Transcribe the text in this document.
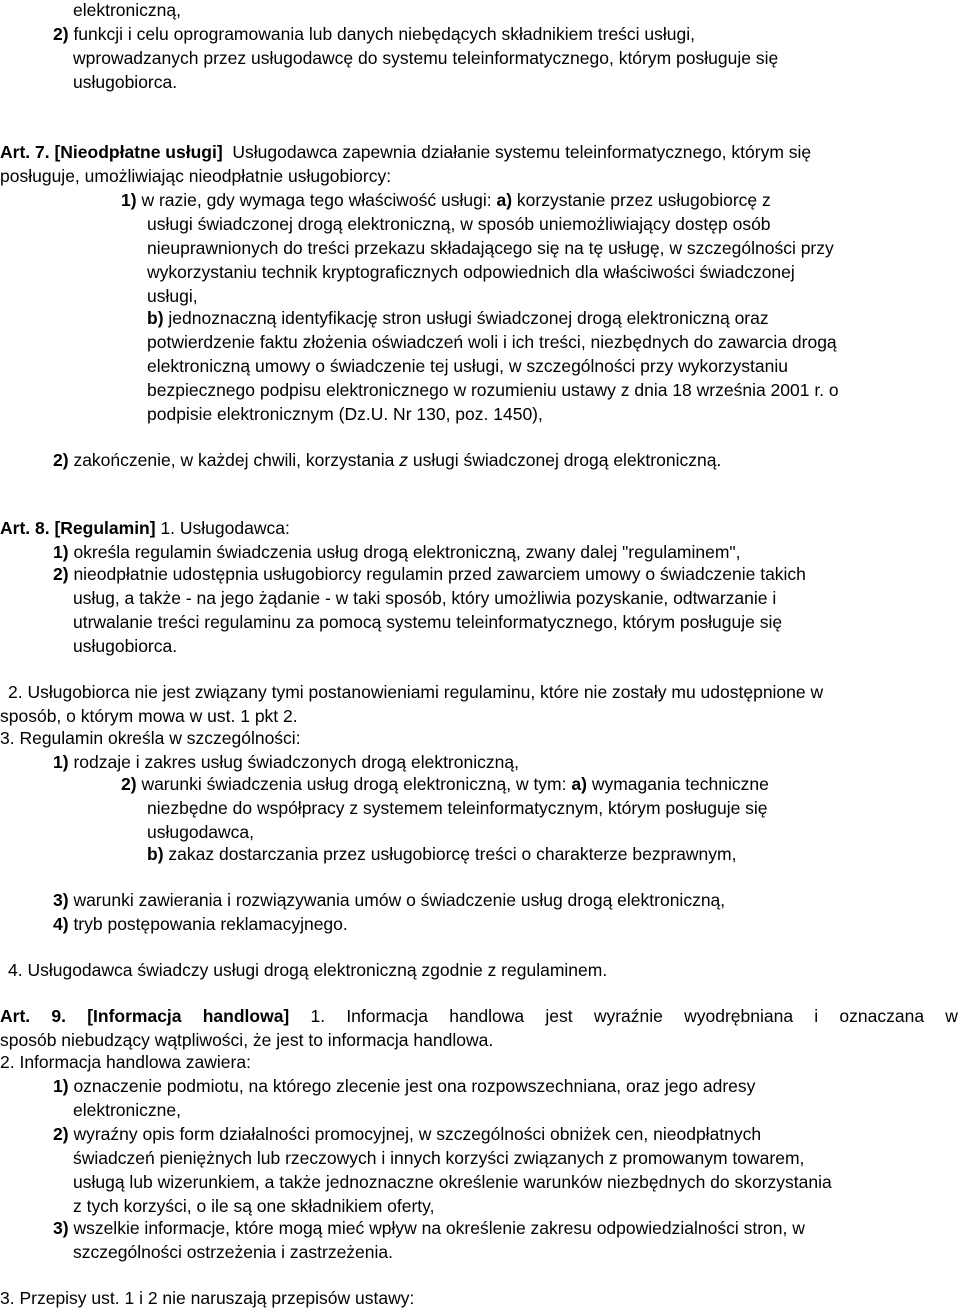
elektroniczną,
2) funkcji i celu oprogramowania lub danych niebędących składnikiem treści usługi,
wprowadzanych przez usługodawcę do systemu teleinformatycznego, którym posługuje się
usługobiorca.
Art. 7. [Nieodpłatne usługi] Usługodawca zapewnia działanie systemu teleinformatycznego, którym się
posługuje, umożliwiając nieodpłatnie usługobiorcy:
1) w razie, gdy wymaga tego właściwość usługi: a) korzystanie przez usługobiorcę z
usługi świadczonej drogą elektroniczną, w sposób uniemożliwiający dostęp osób
nieuprawnionych do treści przekazu składającego się na tę usługę, w szczególności przy
wykorzystaniu technik kryptograficznych odpowiednich dla właściwości świadczonej
usługi,
b) jednoznaczną identyfikację stron usługi świadczonej drogą elektroniczną oraz
potwierdzenie faktu złożenia oświadczeń woli i ich treści, niezbędnych do zawarcia drogą
elektroniczną umowy o świadczenie tej usługi, w szczególności przy wykorzystaniu
bezpiecznego podpisu elektronicznego w rozumieniu ustawy z dnia 18 września 2001 r. o
podpisie elektronicznym (Dz.U. Nr 130, poz. 1450),
2) zakończenie, w każdej chwili, korzystania z usługi świadczonej drogą elektroniczną.
Art. 8. [Regulamin] 1. Usługodawca:
1) określa regulamin świadczenia usług drogą elektroniczną, zwany dalej "regulaminem",
2) nieodpłatnie udostępnia usługobiorcy regulamin przed zawarciem umowy o świadczenie takich
usług, a także - na jego żądanie - w taki sposób, który umożliwia pozyskanie, odtwarzanie i
utrwalanie treści regulaminu za pomocą systemu teleinformatycznego, którym posługuje się
usługobiorca.
2. Usługobiorca nie jest związany tymi postanowieniami regulaminu, które nie zostały mu udostępnione w
sposób, o którym mowa w ust. 1 pkt 2.
3. Regulamin określa w szczególności:
1) rodzaje i zakres usług świadczonych drogą elektroniczną,
2) warunki świadczenia usług drogą elektroniczną, w tym: a) wymagania techniczne
niezbędne do współpracy z systemem teleinformatycznym, którym posługuje się
usługodawca,
b) zakaz dostarczania przez usługobiorcę treści o charakterze bezprawnym,
3) warunki zawierania i rozwiązywania umów o świadczenie usług drogą elektroniczną,
4) tryb postępowania reklamacyjnego.
4. Usługodawca świadczy usługi drogą elektroniczną zgodnie z regulaminem.
Art. 9. [Informacja handlowa] 1. Informacja handlowa jest wyraźnie wyodrębniana i oznaczana w
sposób niebudzący wątpliwości, że jest to informacja handlowa.
2. Informacja handlowa zawiera:
1) oznaczenie podmiotu, na którego zlecenie jest ona rozpowszechniana, oraz jego adresy
elektroniczne,
2) wyraźny opis form działalności promocyjnej, w szczególności obniżek cen, nieodpłatnych
świadczeń pieniężnych lub rzeczowych i innych korzyści związanych z promowanym towarem,
usługą lub wizerunkiem, a także jednoznaczne określenie warunków niezbędnych do skorzystania
z tych korzyści, o ile są one składnikiem oferty,
3) wszelkie informacje, które mogą mieć wpływ na określenie zakresu odpowiedzialności stron, w
szczególności ostrzeżenia i zastrzeżenia.
3. Przepisy ust. 1 i 2 nie naruszają przepisów ustawy:
